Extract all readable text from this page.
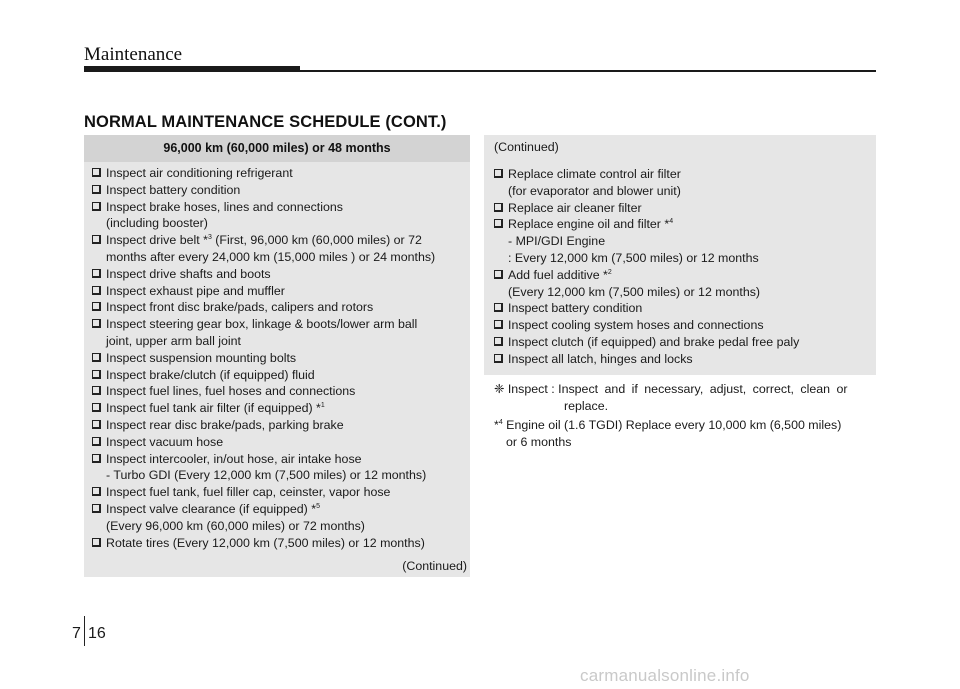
Maintenance
NORMAL MAINTENANCE SCHEDULE (CONT.)
96,000 km (60,000 miles) or 48 months
Inspect air conditioning refrigerant
Inspect battery condition
Inspect brake hoses, lines and connections
(including booster)
Inspect drive belt *$^3$ (First, 96,000 km (60,000 miles) or 72
months after every 24,000 km (15,000 miles ) or 24 months)
Inspect drive shafts and boots
Inspect exhaust pipe and muffler
Inspect front disc brake/pads, calipers and rotors
Inspect steering gear box, linkage & boots/lower arm ball
joint, upper arm ball joint
Inspect suspension mounting bolts
Inspect brake/clutch (if equipped) fluid
Inspect fuel lines, fuel hoses and connections
Inspect fuel tank air filter (if equipped) *$^1$
Inspect rear disc brake/pads, parking brake
Inspect vacuum hose
Inspect intercooler, in/out hose, air intake hose
- Turbo GDI (Every 12,000 km (7,500 miles) or 12 months)
Inspect fuel tank, fuel filler cap, ceinster, vapor hose
Inspect valve clearance (if equipped) *$^5$
(Every 96,000 km (60,000 miles) or 72 months)
Rotate tires (Every 12,000 km (7,500 miles) or 12 months)
(Continued)
(Continued)
Replace climate control air filter
(for evaporator and blower unit)
Replace air cleaner filter
Replace engine oil and filter *$^4$
- MPI/GDI Engine
: Every 12,000 km (7,500 miles) or 12 months
Add fuel additive *$^2$
(Every 12,000 km (7,500 miles) or 12 months)
Inspect battery condition
Inspect cooling system hoses and connections
Inspect clutch (if equipped) and brake pedal free paly
Inspect all latch, hinges and locks
❈ Inspect : Inspect and if necessary, adjust, correct, clean or
replace.
*$^4$ Engine oil (1.6 TGDI) Replace every 10,000 km (6,500 miles)
or 6 months
7 16
carmanualsonline.info
